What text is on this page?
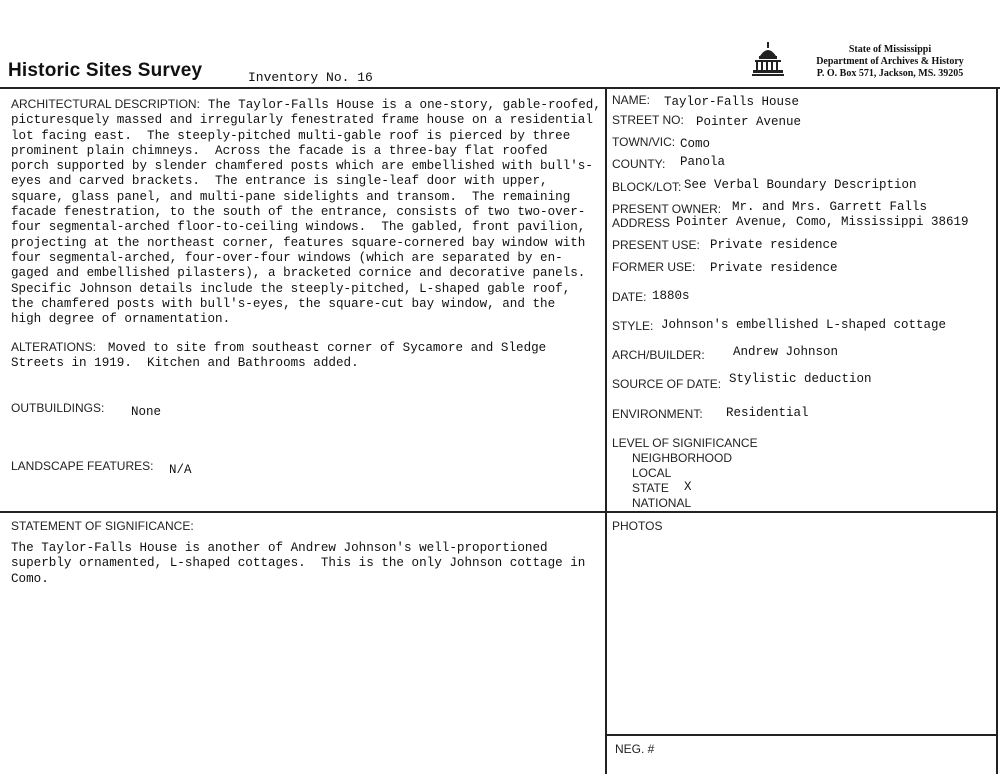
Historic Sites Survey	Inventory No. 16
State of Mississippi
Department of Archives & History
P. O. Box 571, Jackson, MS. 39205
ARCHITECTURAL DESCRIPTION: The Taylor-Falls House is a one-story, gable-roofed,
picturesquely massed and irregularly fenestrated frame house on a residential
lot facing east.  The steeply-pitched multi-gable roof is pierced by three
prominent plain chimneys.  Across the facade is a three-bay flat roofed
porch supported by slender chamfered posts which are embellished with bull's-
eyes and carved brackets.  The entrance is single-leaf door with upper,
square, glass panel, and multi-pane sidelights and transom.  The remaining
facade fenestration, to the south of the entrance, consists of two two-over-
four segmental-arched floor-to-ceiling windows.  The gabled, front pavilion,
projecting at the northeast corner, features square-cornered bay window with
four segmental-arched, four-over-four windows (which are separated by en-
gaged and embellished pilasters), a bracketed cornice and decorative panels.
Specific Johnson details include the steeply-pitched, L-shaped gable roof,
the chamfered posts with bull's-eyes, the square-cut bay window, and the
high degree of ornamentation.
ALTERATIONS: Moved to site from southeast corner of Sycamore and Sledge
Streets in 1919.  Kitchen and Bathrooms added.
OUTBUILDINGS: None
LANDSCAPE FEATURES: N/A
STATEMENT OF SIGNIFICANCE:
The Taylor-Falls House is another of Andrew Johnson's well-proportioned
superbly ornamented, L-shaped cottages.  This is the only Johnson cottage in
Como.
NAME: Taylor-Falls House
STREET NO: Pointer Avenue
TOWN/VIC: Como
COUNTY: Panola
BLOCK/LOT: See Verbal Boundary Description
PRESENT OWNER: Mr. and Mrs. Garrett Falls
ADDRESS Pointer Avenue, Como, Mississippi 38619
PRESENT USE: Private residence
FORMER USE: Private residence
DATE: 1880s
STYLE: Johnson's embellished L-shaped cottage
ARCH/BUILDER: Andrew Johnson
SOURCE OF DATE: Stylistic deduction
ENVIRONMENT: Residential
LEVEL OF SIGNIFICANCE
NEIGHBORHOOD
LOCAL
STATE X
NATIONAL
PHOTOS
NEG. #
